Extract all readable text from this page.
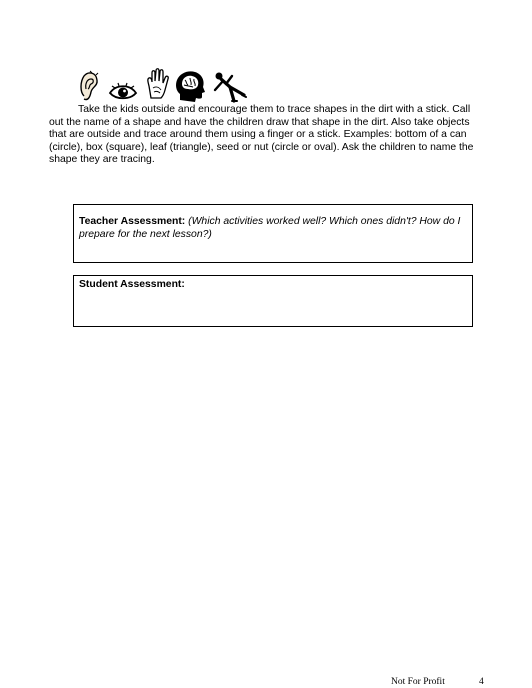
Take the kids outside and encourage them to trace shapes in the dirt with a stick. Call out the name of a shape and have the children draw that shape in the dirt. Also take objects that are outside and trace around them using a finger or a stick. Examples: bottom of a can (circle), box (square), leaf (triangle), seed or nut (circle or oval). Ask the children to name the shape they are tracing.

Teacher Assessment: (Which activities worked well? Which ones didn't? How do I prepare for the next lesson?)
Student Assessment:
Not For Profit	4
